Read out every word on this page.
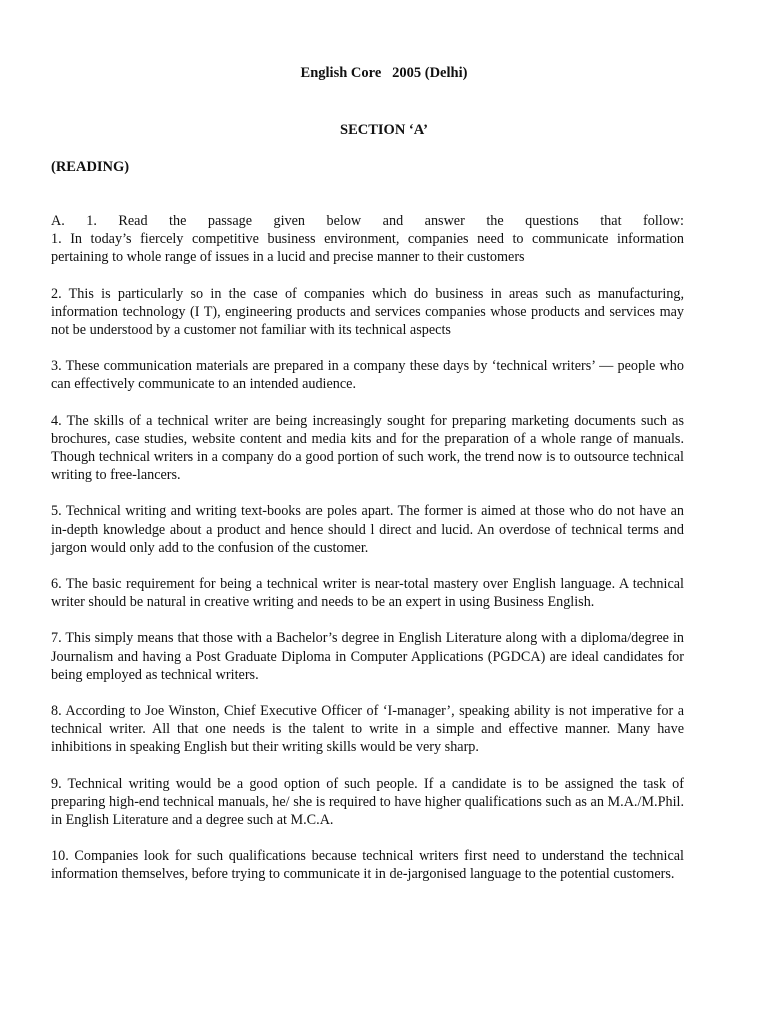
English Core   2005 (Delhi)
SECTION ‘A’
(READING)
A. 1. Read the passage given below and answer the questions that follow:
1. In today’s fiercely competitive business environment, companies need to communicate information pertaining to whole range of issues in a lucid and precise manner to their customers
2. This is particularly so in the case of companies which do business in areas such as manufacturing, information technology (I T), engineering products and services companies whose products and services may not be understood by a customer not familiar with its technical aspects
3. These communication materials are prepared in a company these days by ‘technical writers’ — people who can effectively communicate to an intended audience.
4. The skills of a technical writer are being increasingly sought for preparing marketing documents such as brochures, case studies, website content and media kits and for the preparation of a whole range of manuals. Though technical writers in a company do a good portion of such work, the trend now is to outsource technical writing to free-lancers.
5. Technical writing and writing text-books are poles apart. The former is aimed at those who do not have an in-depth knowledge about a product and hence should l direct and lucid. An overdose of technical terms and jargon would only add to the confusion of the customer.
6. The basic requirement for being a technical writer is near-total mastery over English language. A technical writer should be natural in creative writing and needs to be an expert in using Business English.
7. This simply means that those with a Bachelor’s degree in English Literature along with a diploma/degree in Journalism and having a Post Graduate Diploma in Computer Applications (PGDCA) are ideal candidates for being employed as technical writers.
8. According to Joe Winston, Chief Executive Officer of ‘I-manager’, speaking ability is not imperative for a technical writer. All that one needs is the talent to write in a simple and effective manner. Many have inhibitions in speaking English but their writing skills would be very sharp.
9. Technical writing would be a good option of such people. If a candidate is to be assigned the task of preparing high-end technical manuals, he/ she is required to have higher qualifications such as an M.A./M.Phil. in English Literature and a degree such at M.C.A.
10. Companies look for such qualifications because technical writers first need to understand the technical information themselves, before trying to communicate it in de-jargonised language to the potential customers.
